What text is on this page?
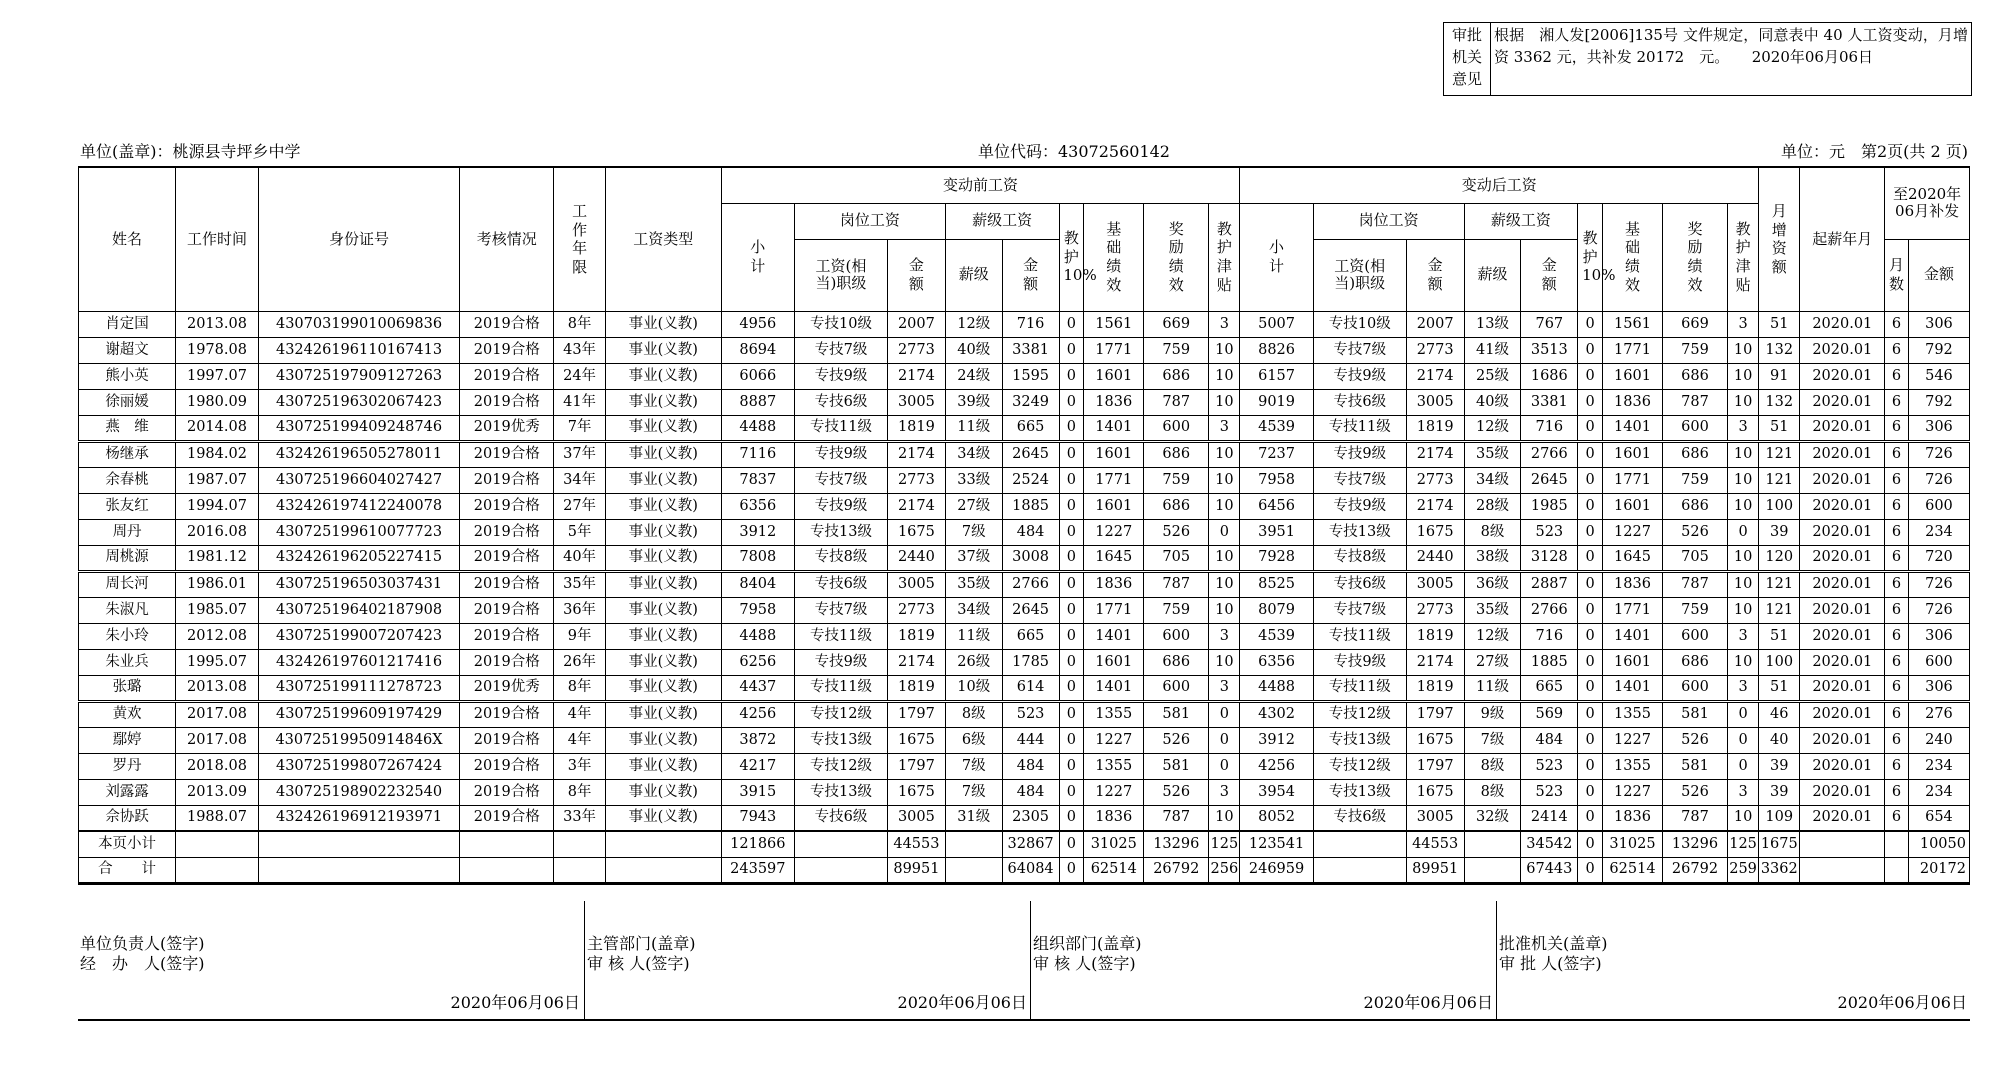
审批
机关
意见
	根据　湘人发[2006]135号 文件规定，同意表中 40 人工资变动，月增资 3362 元，共补发 20172　元。　　2020年06月06日
单位(盖章)：桃源县寺坪乡中学	单位代码：43072560142	单位：元　第2页(共 2 页)
姓名	工作时间	身份证号	考核情况	工作年限	工资类型	变动前工资									变动后工资									月增资额	起薪年月	至2020年06月补发	

						小计	岗位工资		薪级工资		教护10%	基础绩效	奖励绩效	教护津贴	小计	岗位工资		薪级工资		教护10%	基础绩效	奖励绩效	教护津贴				

							工资(相当)职级	金额	薪级	金额						工资(相当)职级	金额	薪级	金额							月数	金额
肖定国	2013.08	430703199010069836	2019合格	8年	事业(义教)	4956	专技10级	2007	12级	716	0	1561	669	3	5007	专技10级	2007	13级	767	0	1561	669	3	51	2020.01	6	306
谢超文	1978.08	432426196110167413	2019合格	43年	事业(义教)	8694	专技7级	2773	40级	3381	0	1771	759	10	8826	专技7级	2773	41级	3513	0	1771	759	10	132	2020.01	6	792
熊小英	1997.07	430725197909127263	2019合格	24年	事业(义教)	6066	专技9级	2174	24级	1595	0	1601	686	10	6157	专技9级	2174	25级	1686	0	1601	686	10	91	2020.01	6	546
徐丽媛	1980.09	430725196302067423	2019合格	41年	事业(义教)	8887	专技6级	3005	39级	3249	0	1836	787	10	9019	专技6级	3005	40级	3381	0	1836	787	10	132	2020.01	6	792
燕　维	2014.08	430725199409248746	2019优秀	7年	事业(义教)	4488	专技11级	1819	11级	665	0	1401	600	3	4539	专技11级	1819	12级	716	0	1401	600	3	51	2020.01	6	306
杨继承	1984.02	432426196505278011	2019合格	37年	事业(义教)	7116	专技9级	2174	34级	2645	0	1601	686	10	7237	专技9级	2174	35级	2766	0	1601	686	10	121	2020.01	6	726
余春桃	1987.07	430725196604027427	2019合格	34年	事业(义教)	7837	专技7级	2773	33级	2524	0	1771	759	10	7958	专技7级	2773	34级	2645	0	1771	759	10	121	2020.01	6	726
张友红	1994.07	432426197412240078	2019合格	27年	事业(义教)	6356	专技9级	2174	27级	1885	0	1601	686	10	6456	专技9级	2174	28级	1985	0	1601	686	10	100	2020.01	6	600
周丹	2016.08	430725199610077723	2019合格	5年	事业(义教)	3912	专技13级	1675	7级	484	0	1227	526	0	3951	专技13级	1675	8级	523	0	1227	526	0	39	2020.01	6	234
周桃源	1981.12	432426196205227415	2019合格	40年	事业(义教)	7808	专技8级	2440	37级	3008	0	1645	705	10	7928	专技8级	2440	38级	3128	0	1645	705	10	120	2020.01	6	720
周长河	1986.01	430725196503037431	2019合格	35年	事业(义教)	8404	专技6级	3005	35级	2766	0	1836	787	10	8525	专技6级	3005	36级	2887	0	1836	787	10	121	2020.01	6	726
朱淑凡	1985.07	430725196402187908	2019合格	36年	事业(义教)	7958	专技7级	2773	34级	2645	0	1771	759	10	8079	专技7级	2773	35级	2766	0	1771	759	10	121	2020.01	6	726
朱小玲	2012.08	430725199007207423	2019合格	9年	事业(义教)	4488	专技11级	1819	11级	665	0	1401	600	3	4539	专技11级	1819	12级	716	0	1401	600	3	51	2020.01	6	306
朱业兵	1995.07	432426197601217416	2019合格	26年	事业(义教)	6256	专技9级	2174	26级	1785	0	1601	686	10	6356	专技9级	2174	27级	1885	0	1601	686	10	100	2020.01	6	600
张璐	2013.08	430725199111278723	2019优秀	8年	事业(义教)	4437	专技11级	1819	10级	614	0	1401	600	3	4488	专技11级	1819	11级	665	0	1401	600	3	51	2020.01	6	306
黄欢	2017.08	430725199609197429	2019合格	4年	事业(义教)	4256	专技12级	1797	8级	523	0	1355	581	0	4302	专技12级	1797	9级	569	0	1355	581	0	46	2020.01	6	276
鄢婷	2017.08	43072519950914846X	2019合格	4年	事业(义教)	3872	专技13级	1675	6级	444	0	1227	526	0	3912	专技13级	1675	7级	484	0	1227	526	0	40	2020.01	6	240
罗丹	2018.08	430725199807267424	2019合格	3年	事业(义教)	4217	专技12级	1797	7级	484	0	1355	581	0	4256	专技12级	1797	8级	523	0	1355	581	0	39	2020.01	6	234
刘露露	2013.09	430725198902232540	2019合格	8年	事业(义教)	3915	专技13级	1675	7级	484	0	1227	526	3	3954	专技13级	1675	8级	523	0	1227	526	3	39	2020.01	6	234
佘协跃	1988.07	432426196912193971	2019合格	33年	事业(义教)	7943	专技6级	3005	31级	2305	0	1836	787	10	8052	专技6级	3005	32级	2414	0	1836	787	10	109	2020.01	6	654
本页小计						121866		44553		32867	0	31025	13296	125	123541		44553		34542	0	31025	13296	125	1675			10050
合　　计						243597		89951		64084	0	62514	26792	256	246959		89951		67443	0	62514	26792	259	3362			20172
单位负责人(签字)
经　办　人(签字)
2020年06月06日
主管部门(盖章)
审 核 人(签字)
2020年06月06日
组织部门(盖章)
审 核 人(签字)
2020年06月06日
批准机关(盖章)
审 批 人(签字)
2020年06月06日
